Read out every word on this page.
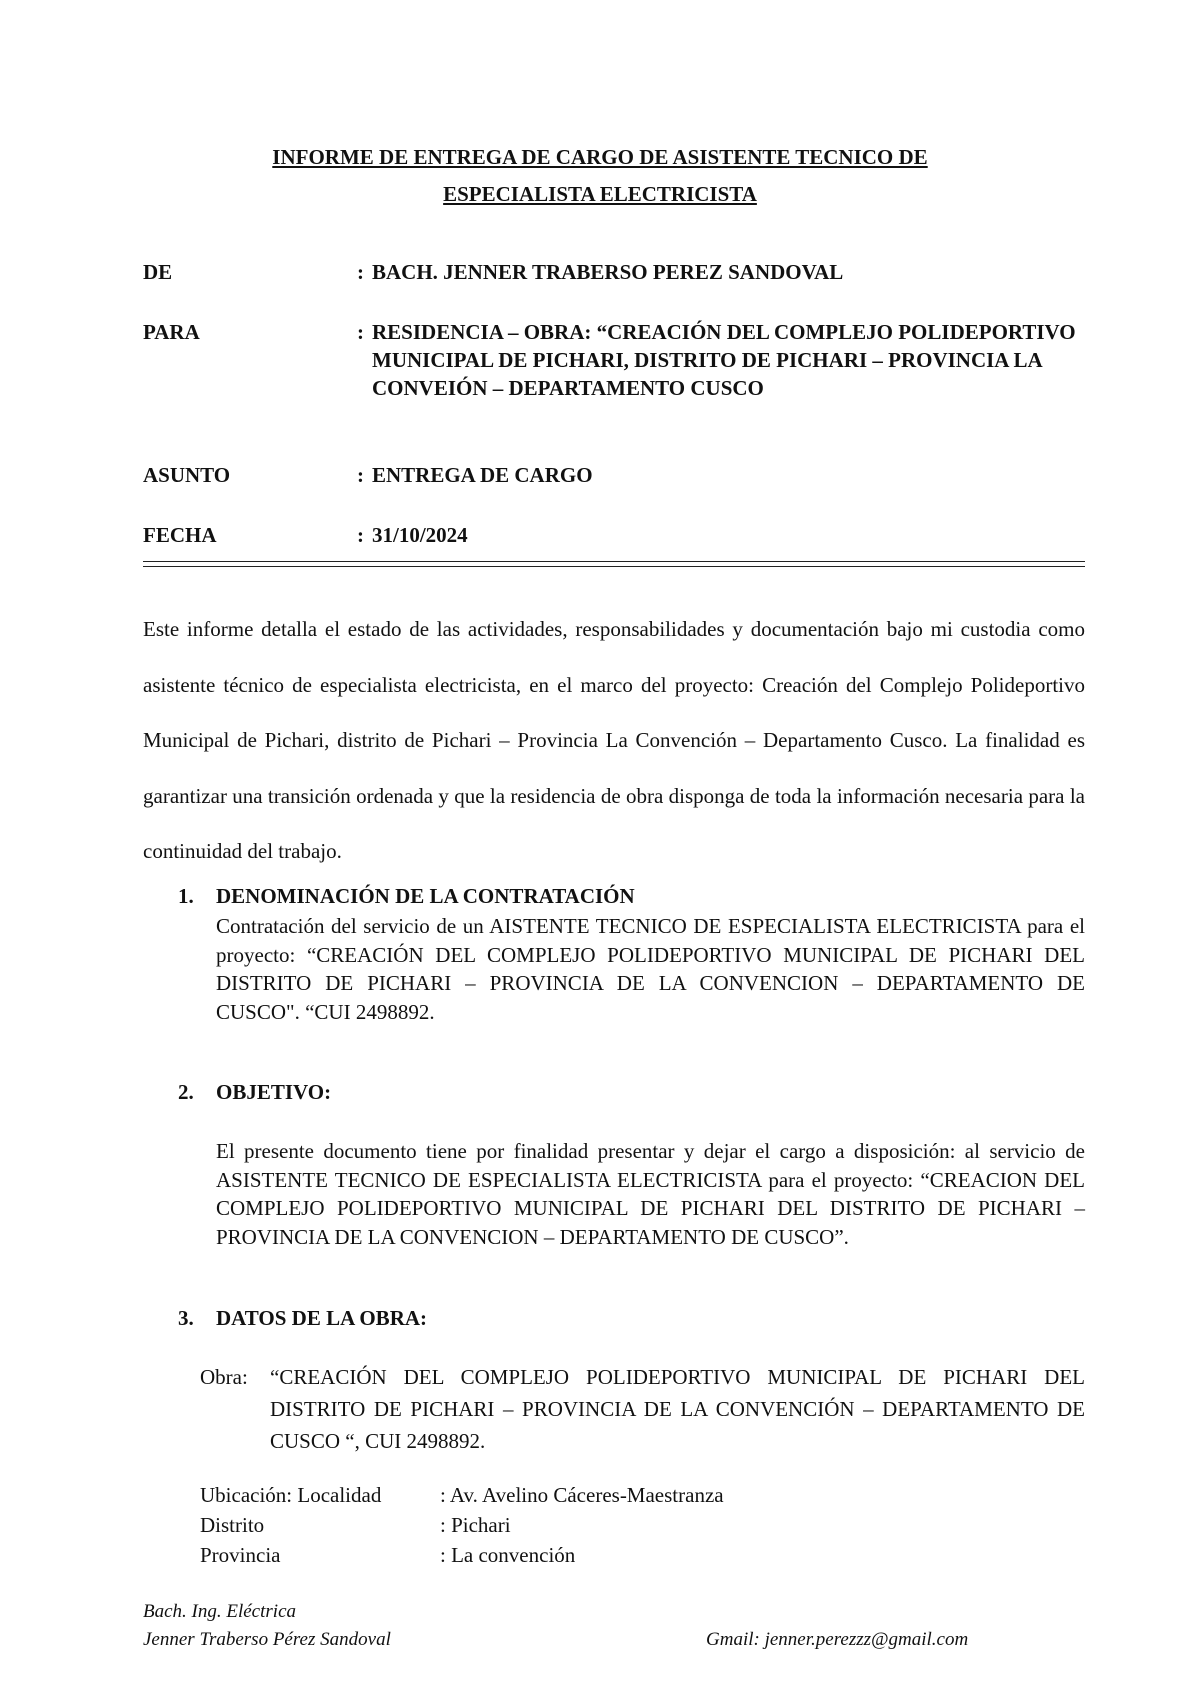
INFORME DE ENTREGA DE CARGO DE ASISTENTE TECNICO DE
ESPECIALISTA ELECTRICISTA
DE	: BACH. JENNER TRABERSO PEREZ SANDOVAL
PARA	: RESIDENCIA – OBRA: “CREACIÓN DEL COMPLEJO POLIDEPORTIVO MUNICIPAL DE PICHARI, DISTRITO DE PICHARI – PROVINCIA LA CONVEIÓN – DEPARTAMENTO CUSCO
ASUNTO	: ENTREGA DE CARGO
FECHA	: 31/10/2024
Este informe detalla el estado de las actividades, responsabilidades y documentación bajo mi custodia como asistente técnico de especialista electricista, en el marco del proyecto: Creación del Complejo Polideportivo Municipal de Pichari, distrito de Pichari – Provincia La Convención – Departamento Cusco. La finalidad es garantizar una transición ordenada y que la residencia de obra disponga de toda la información necesaria para la continuidad del trabajo.
1. DENOMINACIÓN DE LA CONTRATACIÓN
Contratación del servicio de un AISTENTE TECNICO DE ESPECIALISTA ELECTRICISTA para el proyecto: “CREACIÓN DEL COMPLEJO POLIDEPORTIVO MUNICIPAL DE PICHARI DEL DISTRITO DE PICHARI – PROVINCIA DE LA CONVENCION – DEPARTAMENTO DE CUSCO". “CUI 2498892.
2. OBJETIVO:
El presente documento tiene por finalidad presentar y dejar el cargo a disposición: al servicio de ASISTENTE TECNICO DE ESPECIALISTA ELECTRICISTA para el proyecto: “CREACION DEL COMPLEJO POLIDEPORTIVO MUNICIPAL DE PICHARI DEL DISTRITO DE PICHARI – PROVINCIA DE LA CONVENCION – DEPARTAMENTO DE CUSCO”.
3. DATOS DE LA OBRA:
Obra: “CREACIÓN DEL COMPLEJO POLIDEPORTIVO MUNICIPAL DE PICHARI DEL DISTRITO DE PICHARI – PROVINCIA DE LA CONVENCIÓN – DEPARTAMENTO DE CUSCO “, CUI 2498892.
Ubicación: Localidad	: Av. Avelino Cáceres-Maestranza
Distrito	: Pichari
Provincia	: La convención
Bach. Ing. Eléctrica
Jenner Traberso Pérez Sandoval	Gmail: jenner.perezzz@gmail.com
